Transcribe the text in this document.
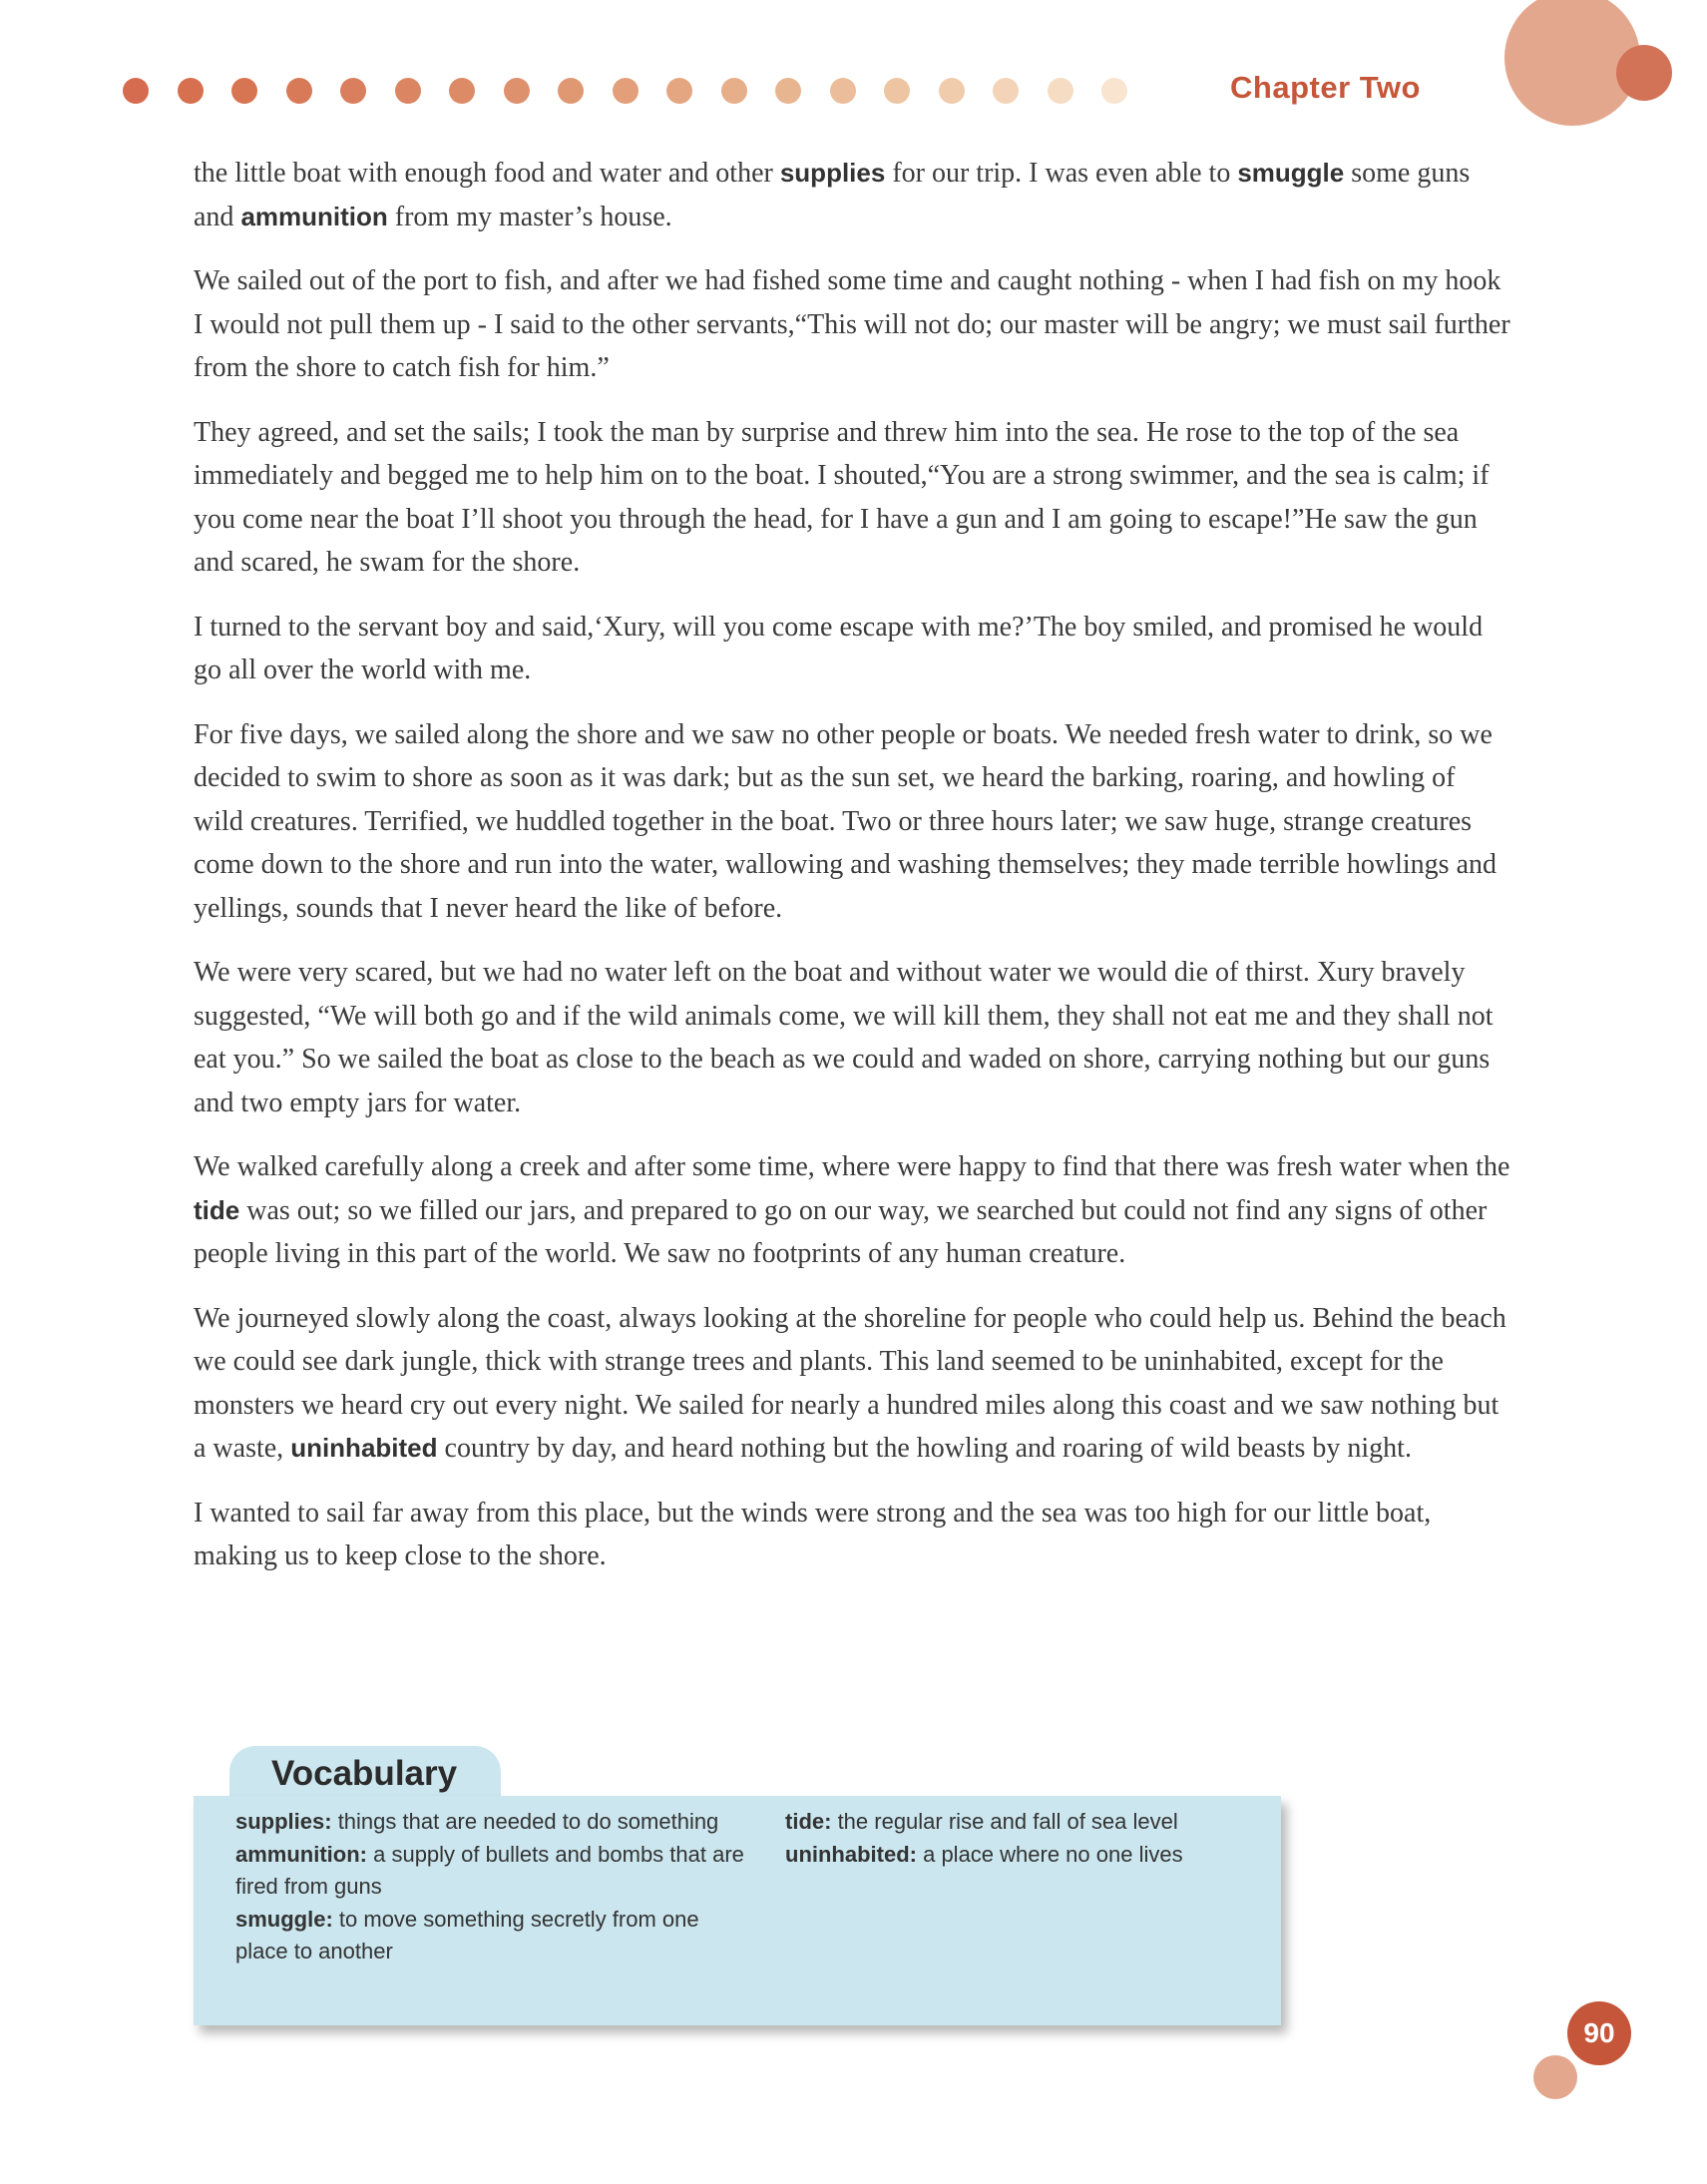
Chapter Two

the little boat with enough food and water and other supplies for our trip. I was even able to smuggle some guns and ammunition from my master’s house.

We sailed out of the port to fish, and after we had fished some time and caught nothing - when I had fish on my hook I would not pull them up - I said to the other servants,“This will not do; our master will be angry; we must sail further from the shore to catch fish for him.”

They agreed, and set the sails; I took the man by surprise and threw him into the sea. He rose to the top of the sea immediately and begged me to help him on to the boat. I shouted,“You are a strong swimmer, and the sea is calm; if you come near the boat I’ll shoot you through the head, for I have a gun and I am going to escape!”He saw the gun and scared, he swam for the shore.

I turned to the servant boy and said,‘Xury, will you come escape with me?’The boy smiled, and promised he would go all over the world with me.

For five days, we sailed along the shore and we saw no other people or boats. We needed fresh water to drink, so we decided to swim to shore as soon as it was dark; but as the sun set, we heard the barking, roaring, and howling of wild creatures. Terrified, we huddled together in the boat. Two or three hours later; we saw huge, strange creatures come down to the shore and run into the water, wallowing and washing themselves; they made terrible howlings and yellings, sounds that I never heard the like of before.

We were very scared, but we had no water left on the boat and without water we would die of thirst. Xury bravely suggested, “We will both go and if the wild animals come, we will kill them, they shall not eat me and they shall not eat you.” So we sailed the boat as close to the beach as we could and waded on shore, carrying nothing but our guns and two empty jars for water.

We walked carefully along a creek and after some time, where were happy to find that there was fresh water when the tide was out; so we filled our jars, and prepared to go on our way, we searched but could not find any signs of other people living in this part of the world. We saw no footprints of any human creature.

We journeyed slowly along the coast, always looking at the shoreline for people who could help us. Behind the beach we could see dark jungle, thick with strange trees and plants. This land seemed to be uninhabited, except for the monsters we heard cry out every night. We sailed for nearly a hundred miles along this coast and we saw nothing but a waste, uninhabited country by day, and heard nothing but the howling and roaring of wild beasts by night.

I wanted to sail far away from this place, but the winds were strong and the sea was too high for our little boat, making us to keep close to the shore.

Vocabulary
supplies: things that are needed to do something
ammunition: a supply of bullets and bombs that are fired from guns
smuggle: to move something secretly from one place to another
tide: the regular rise and fall of sea level
uninhabited: a place where no one lives
90
